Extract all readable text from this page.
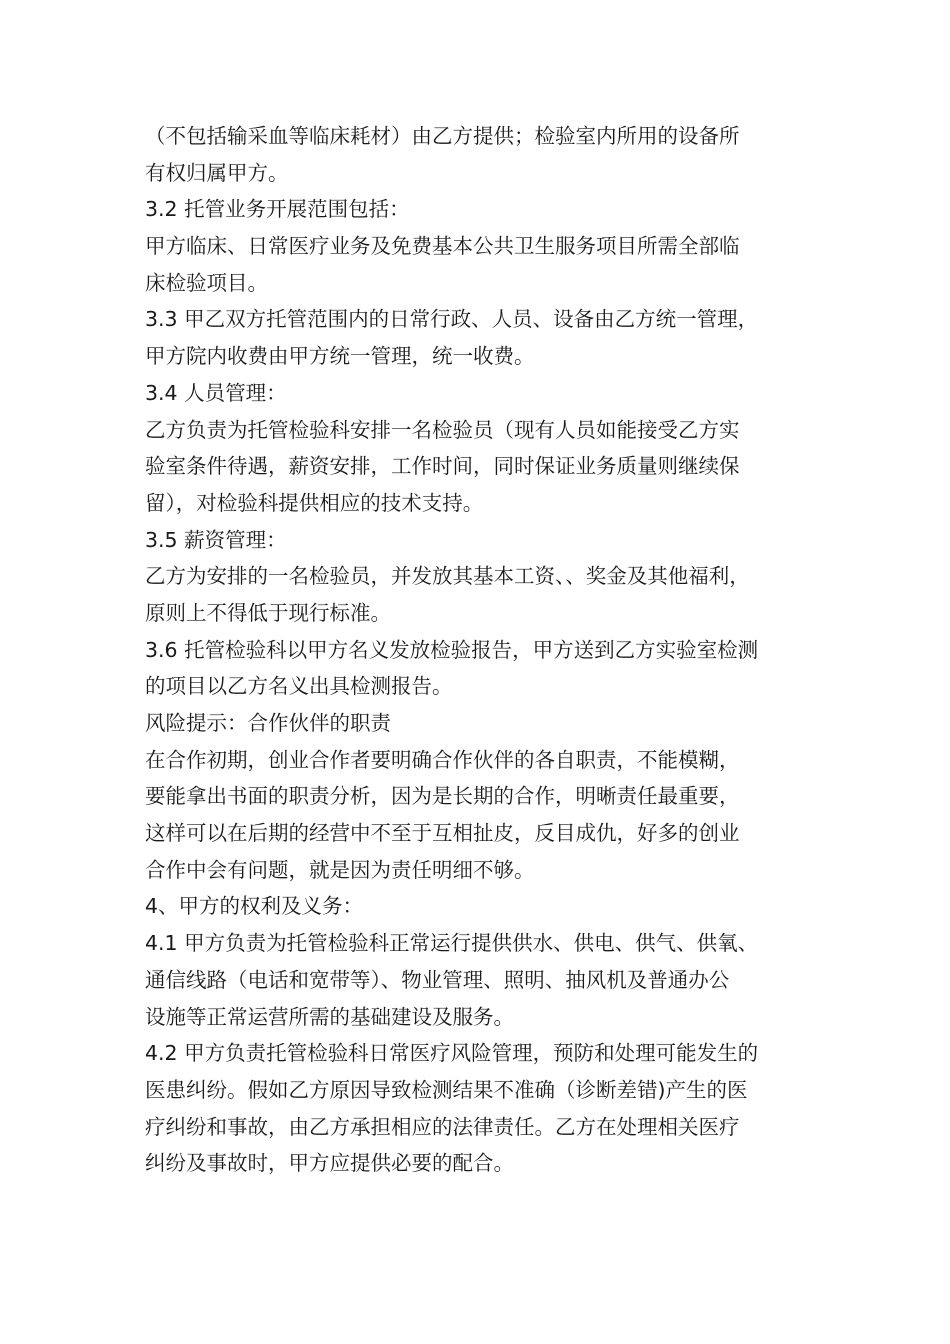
（不包括输采血等临床耗材）由乙方提供；检验室内所用的设备所
有权归属甲方。
3.2 托管业务开展范围包括：
甲方临床、日常医疗业务及免费基本公共卫生服务项目所需全部临
床检验项目。
3.3 甲乙双方托管范围内的日常行政、人员、设备由乙方统一管理，
甲方院内收费由甲方统一管理，统一收费。
3.4 人员管理：
乙方负责为托管检验科安排一名检验员（现有人员如能接受乙方实
验室条件待遇，薪资安排，工作时间，同时保证业务质量则继续保
留），对检验科提供相应的技术支持。
3.5 薪资管理：
乙方为安排的一名检验员，并发放其基本工资、、奖金及其他福利，
原则上不得低于现行标准。
3.6 托管检验科以甲方名义发放检验报告，甲方送到乙方实验室检测
的项目以乙方名义出具检测报告。
风险提示：合作伙伴的职责
在合作初期，创业合作者要明确合作伙伴的各自职责，不能模糊，
要能拿出书面的职责分析，因为是长期的合作，明晰责任最重要，
这样可以在后期的经营中不至于互相扯皮，反目成仇，好多的创业
合作中会有问题，就是因为责任明细不够。
4、甲方的权利及义务：
4.1 甲方负责为托管检验科正常运行提供供水、供电、供气、供氧、
通信线路（电话和宽带等）、物业管理、照明、抽风机及普通办公
设施等正常运营所需的基础建设及服务。
4.2 甲方负责托管检验科日常医疗风险管理，预防和处理可能发生的
医患纠纷。假如乙方原因导致检测结果不准确（诊断差错)产生的医
疗纠纷和事故，由乙方承担相应的法律责任。乙方在处理相关医疗
纠纷及事故时，甲方应提供必要的配合。
